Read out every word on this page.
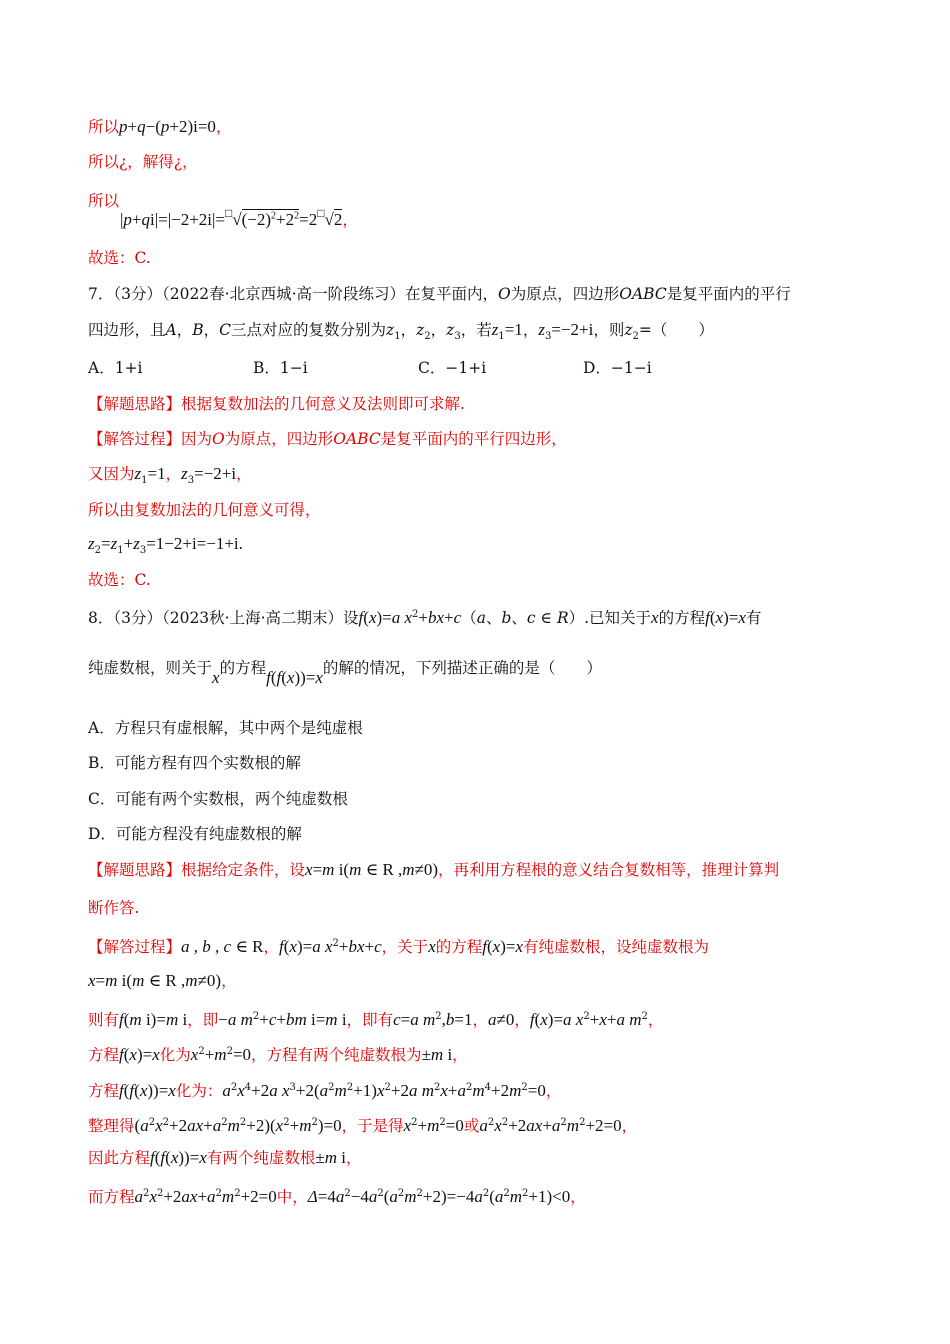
所以p+q−(p+2)i=0，
所以¿，解得¿，
所以
$|p+qi|=|-2+2i|=^□√(-2)^2+2^2=2^□√2$，
故选：C.
7．（3分）（2022春·北京西城·高一阶段练习）在复平面内，O为原点，四边形OABC是复平面内的平行
四边形，且A，B，C三点对应的复数分别为$z_1$，$z_2$，$z_3$，若$z_1=1$，$z_3=-2+i$，则$z_2=$（　　）
A．1+i	B．1−i	C．−1+i	D．−1−i
【解题思路】根据复数加法的几何意义及法则即可求解.
【解答过程】因为O为原点，四边形OABC是复平面内的平行四边形，
又因为$z_1=1$，$z_3=-2+i$，
所以由复数加法的几何意义可得，
$z_2=z_1+z_3=1-2+i=-1+i$.
故选：C.
8．（3分）（2023秋·上海·高二期末）设f(x)=a $x^2+bx+c(a$、b、c ∈ R）.已知关于x的方程f(x)=x有
纯虚数根，则关于x的方程f(f(x))=x的解的情况，下列描述正确的是（　　）
A．方程只有虚根解，其中两个是纯虚根
B．可能方程有四个实数根的解
C．可能有两个实数根，两个纯虚数根
D．可能方程没有纯虚数根的解
【解题思路】根据给定条件，设x=m i(m ∈ R ,m≠0)，再利用方程根的意义结合复数相等，推理计算判
断作答.
【解答过程】a , b , c ∈ R，f(x)=a $x^2+bx+c$，关于x的方程f(x)=x有纯虚数根，设纯虚数根为
x=m i(m ∈ R ,m≠0)，
则有f(m i)=m i，即−a $m^2+c+bm$ i=m i，即有c=a $m^2,b=1$，a≠0，f(x)=a $x^2+x+a$ $m^2$，
方程f(x)=x化为$x^2+m^2=0$，方程有两个纯虚数根为±m i，
方程f(f(x))=x化为：$a^2x^4+2a$ $x^3+2(a^2m^2+1)x^2+2a$ $m^2x+a^2m^4+2m^2=0$，
整理得$(a^2x^2+2ax+a^2m^2+2)(x^2+m^2)=0$，于是得$x^2+m^2=0$或$a^2x^2+2ax+a^2m^2+2=0$，
因此方程f(f(x))=x有两个纯虚数根±m i，
而方程$a^2x^2+2ax+a^2m^2+2=0$中，$\Delta=4a^2-4a^2(a^2m^2+2)=-4a^2(a^2m^2+1)<0$，
